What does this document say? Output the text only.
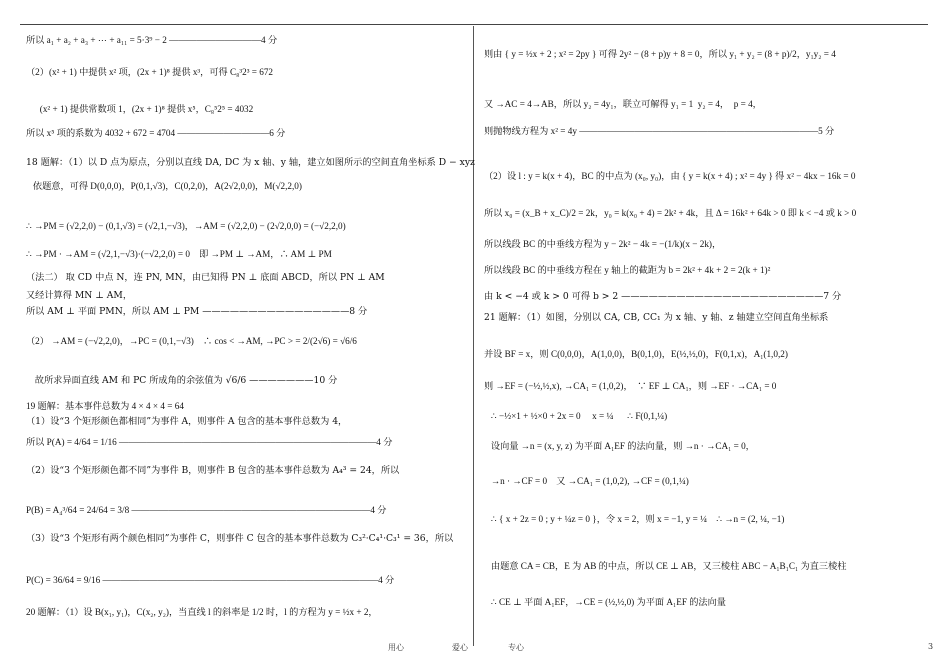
所以 a₁ + a₂ + a₃ + ⋯ + a₁₁ = 5·3⁹ − 2 ——————————4 分
（2）(x² + 1) 中提供 x² 项，(2x + 1)⁸ 提供 x³，可得 C₈³2³ = 672
(x² + 1) 提供常数项 1，(2x + 1)⁸ 提供 x⁵，C₈⁵2⁵ = 4032
所以 x⁵ 项的系数为 4032 + 672 = 4704 ——————————6 分
18 题解：（1）以 D 点为原点，分别以直线 DA, DC 为 x 轴、y 轴，建立如图所示的空间直角坐标系 D − xyz
依题意，可得 D(0,0,0)，P(0,1,√3)，C(0,2,0)，A(2√2,0,0)，M(√2,2,0)
∴ →PM = (√2,2,0) − (0,1,√3) = (√2,1,−√3)，→AM = (√2,2,0) − (2√2,0,0) = (−√2,2,0)
∴ →PM · →AM = (√2,1,−√3)·(−√2,2,0) = 0    即 →PM ⊥ →AM，∴ AM ⊥ PM
（法二） 取 CD 中点 N，连 PN, MN，由已知得 PN ⊥ 底面 ABCD，所以 PN ⊥ AM
又经计算得 MN ⊥ AM，
所以 AM ⊥ 平面 PMN，所以 AM ⊥ PM ————————————————8 分
（2） →AM = (−√2,2,0)，→PC = (0,1,−√3)    ∴ cos < →AM, →PC > = 2/(2√6) = √6/6
故所求异面直线 AM 和 PC 所成角的余弦值为 √6/6 ———————10 分
19 题解：基本事件总数为 4 × 4 × 4 = 64
（1）设“3 个矩形颜色都相同”为事件 A，则事件 A 包含的基本事件总数为 4，
所以 P(A) = 4/64 = 1/16 ————————————————————————————4 分
（2）设“3 个矩形颜色都不同”为事件 B，则事件 B 包含的基本事件总数为 A₄³ = 24，所以
P(B) = A₄³/64 = 24/64 = 3/8 ——————————————————————————4 分
（3）设“3 个矩形有两个颜色相同”为事件 C，则事件 C 包含的基本事件总数为 C₃²·C₄¹·C₃¹ = 36，所以
P(C) = 36/64 = 9/16 ——————————————————————————————4 分
20 题解：（1）设 B(x₁, y₁)，C(x₂, y₂)，当直线 l 的斜率是 1/2 时，l 的方程为 y = ½x + 2，
则由 { y = ½x + 2 ; x² = 2py } 可得 2y² − (8 + p)y + 8 = 0，所以 y₁ + y₂ = (8 + p)/2，y₁y₂ = 4
又 →AC = 4→AB，所以 y₂ = 4y₁，联立可解得 y₁ = 1  y₂ = 4，  p = 4，
则抛物线方程为 x² = 4y ——————————————————————————5 分
（2）设 l : y = k(x + 4)，BC 的中点为 (x₀, y₀)，由 { y = k(x + 4) ; x² = 4y } 得 x² − 4kx − 16k = 0
所以 x₀ = (x_B + x_C)/2 = 2k，y₀ = k(x₀ + 4) = 2k² + 4k，且 Δ = 16k² + 64k > 0 即 k < −4 或 k > 0
所以线段 BC 的中垂线方程为 y − 2k² − 4k = −(1/k)(x − 2k)，
所以线段 BC 的中垂线方程在 y 轴上的截距为 b = 2k² + 4k + 2 = 2(k + 1)²
由 k < −4 或 k > 0 可得 b > 2 ——————————————————————7 分
21 题解：（1）如图，分别以 CA, CB, CC₁ 为 x 轴、y 轴、z 轴建立空间直角坐标系
并设 BF = x，则 C(0,0,0)，A(1,0,0)，B(0,1,0)，E(½,½,0)，F(0,1,x)，A₁(1,0,2)
则 →EF = (−½,½,x), →CA₁ = (1,0,2)，  ∵ EF ⊥ CA₁，则 →EF · →CA₁ = 0
∴ −½×1 + ½×0 + 2x = 0     x = ¼      ∴ F(0,1,¼)
设向量 →n = (x, y, z) 为平面 A₁EF 的法向量，则 →n · →CA₁ = 0，
→n · →CF = 0    又 →CA₁ = (1,0,2), →CF = (0,1,¼)
∴ { x + 2z = 0 ; y + ¼z = 0 }，令 x = 2，则 x = −1, y = ¼    ∴ →n = (2, ¼, −1)
由题意 CA = CB，E 为 AB 的中点，所以 CE ⊥ AB，又三棱柱 ABC − A₁B₁C₁ 为直三棱柱
∴ CE ⊥ 平面 A₁EF，→CE = (½,½,0) 为平面 A₁EF 的法向量
用心	爱心	专心	3
